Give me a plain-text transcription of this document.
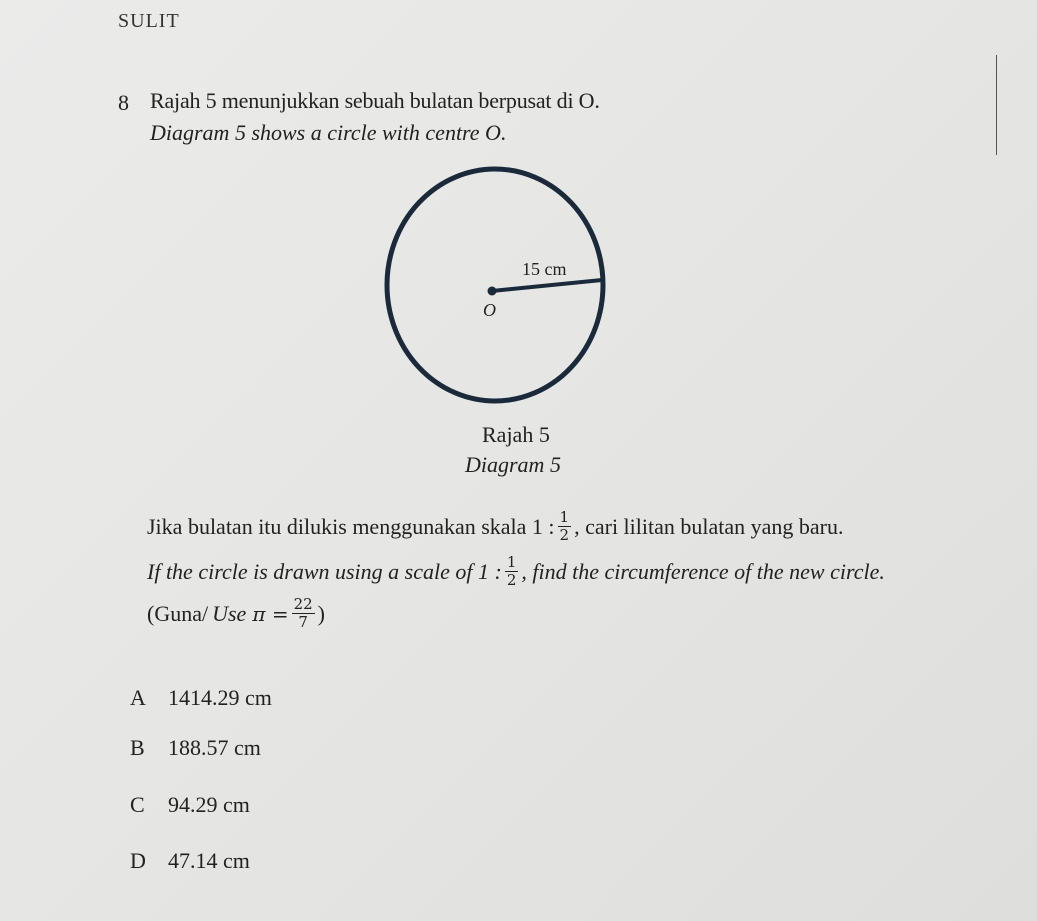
SULIT
8 Rajah 5 menunjukkan sebuah bulatan berpusat di O.
Diagram 5 shows a circle with centre O.
15 cm
O
Rajah 5
Diagram 5
Jika bulatan itu dilukis menggunakan skala 1 : $\frac{1}{2}$ , cari lilitan bulatan yang baru.
If the circle is drawn using a scale of 1 : $\frac{1}{2}$ , find the circumference of the new circle.
(Guna/ Use $\pi = \frac{22}{7}$ )
A 1414.29 cm
B 188.57 cm
C 94.29 cm
D 47.14 cm
